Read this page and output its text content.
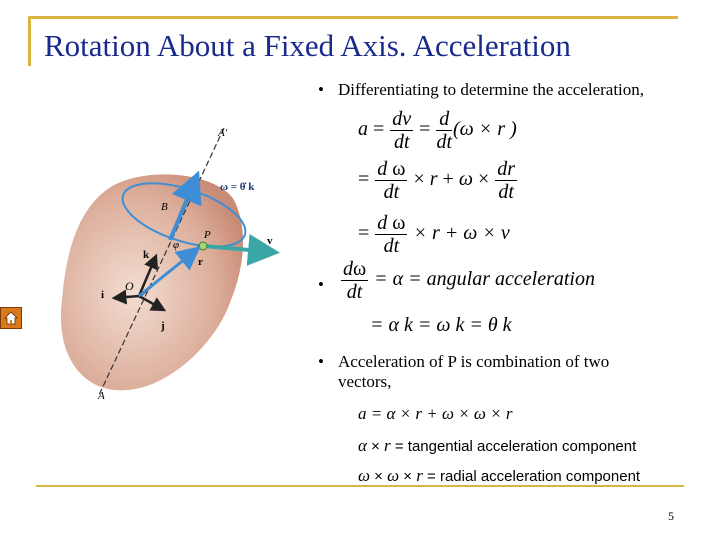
Rotation About a Fixed Axis. Acceleration
A′
ω = θ̇ k
B
P	v
k
φ
r
O
i
j
A
• Differentiating to determine the acceleration,
$a = \frac{dv}{dt} = \frac{d}{dt} (\omega \times r$ )
= $\frac{\text{d ω}}{dt} \times r + \omega \times \frac{dr}{dt}$
= $\frac{\text{d ω}}{dt} \times r + \omega \times v$
• $\frac{d\omega}{dt} = \alpha$ = angular acceleration
= α k = ω k = θ k
• Acceleration of P is combination of two
vectors,
a = α × r + ω × ω × r
α × r = tangential acceleration component
ω × ω × r = radial acceleration component
5
